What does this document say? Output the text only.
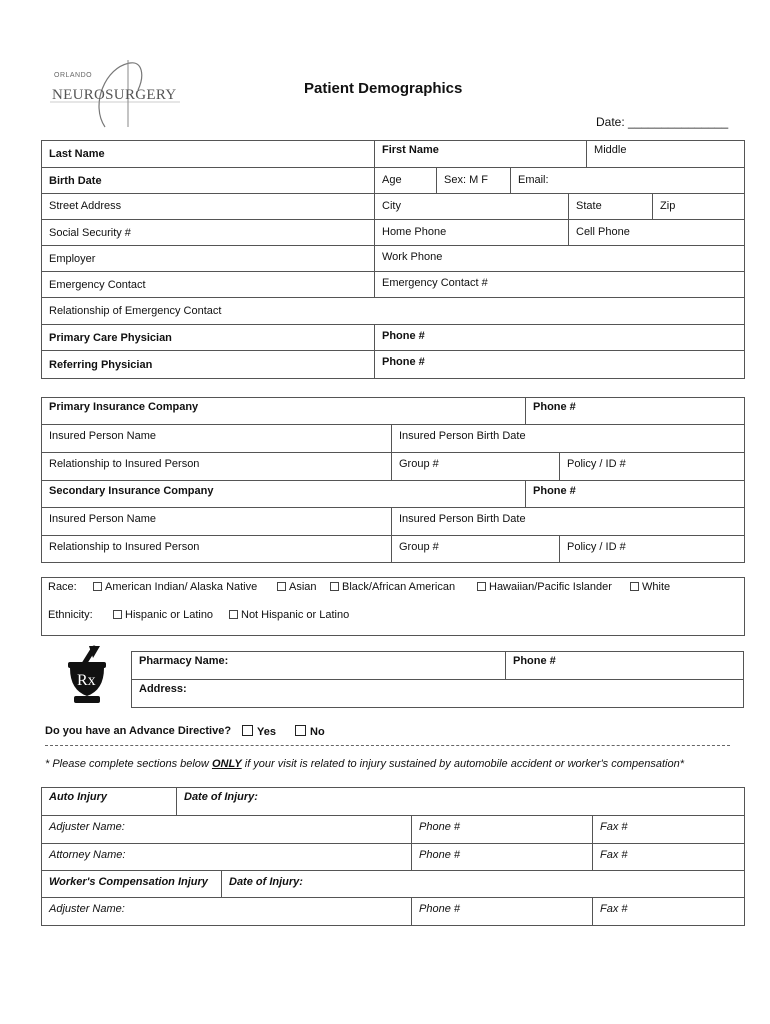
ORLANDO
NEUROSURGERY	Patient Demographics
Date: _______________
Last Name	First Name				Middle	
Birth Date	Age	Sex: M F	Email:			
Street Address	City			State		Zip
Social Security #	Home Phone			Cell Phone		
Employer	Work Phone					
Emergency Contact	Emergency Contact #					
Relationship of Emergency Contact						
Primary Care Physician	Phone #					
Referring Physician	Phone #					
Primary Insurance Company		Phone #	
Insured Person Name	Insured Person Birth Date		
Relationship to Insured Person	Group #		Policy / ID #
Secondary Insurance Company		Phone #	
Insured Person Name	Insured Person Birth Date		
Relationship to Insured Person	Group #		Policy / ID #
Race:	American Indian/ Alaska Native	Asian	Black/African American	Hawaiian/Pacific Islander	White
Ethnicity:	Hispanic or Latino	Not Hispanic or Latino
Rx
Pharmacy Name:	Phone #
Address:
Do you have an Advance Directive?	Yes	No
* Please complete sections below ONLY if your visit is related to injury sustained by automobile accident or worker's compensation*
Auto Injury	Date of Injury:			
Adjuster Name:			Phone #	Fax #
Attorney Name:			Phone #	Fax #
Worker's Compensation Injury		Date of Injury:		
Adjuster Name:			Phone #	Fax #
